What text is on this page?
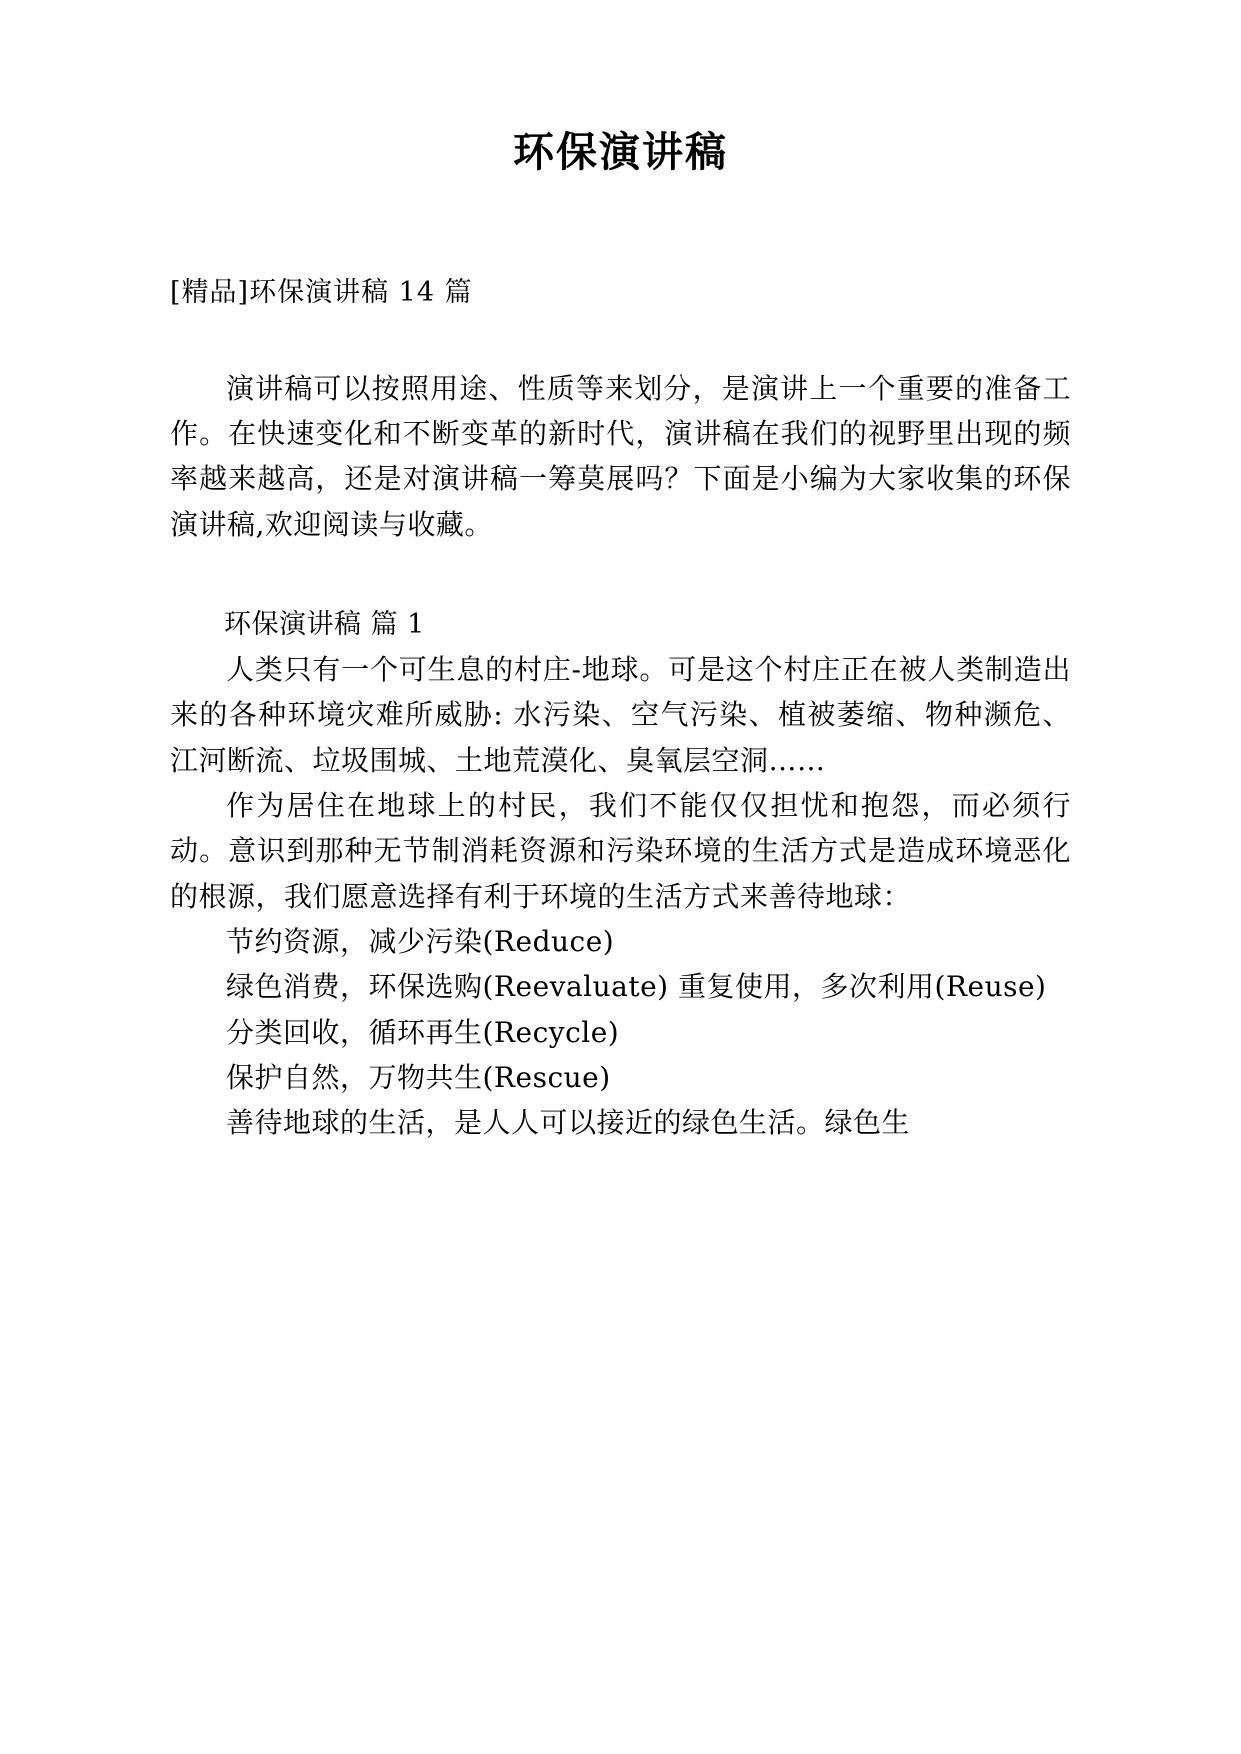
环保演讲稿
[精品]环保演讲稿 14 篇

演讲稿可以按照用途、性质等来划分，是演讲上一个重要的准备工作。在快速变化和不断变革的新时代，演讲稿在我们的视野里出现的频率越来越高，还是对演讲稿一筹莫展吗？下面是小编为大家收集的环保演讲稿,欢迎阅读与收藏。

环保演讲稿 篇 1

人类只有一个可生息的村庄-地球。可是这个村庄正在被人类制造出来的各种环境灾难所威胁: 水污染、空气污染、植被萎缩、物种濒危、江河断流、垃圾围城、土地荒漠化、臭氧层空洞……

作为居住在地球上的村民，我们不能仅仅担忧和抱怨，而必须行动。意识到那种无节制消耗资源和污染环境的生活方式是造成环境恶化的根源，我们愿意选择有利于环境的生活方式来善待地球：

节约资源，减少污染(Reduce)

绿色消费，环保选购(Reevaluate) 重复使用，多次利用(Reuse)

分类回收，循环再生(Recycle)

保护自然，万物共生(Rescue)

善待地球的生活，是人人可以接近的绿色生活。绿色生
